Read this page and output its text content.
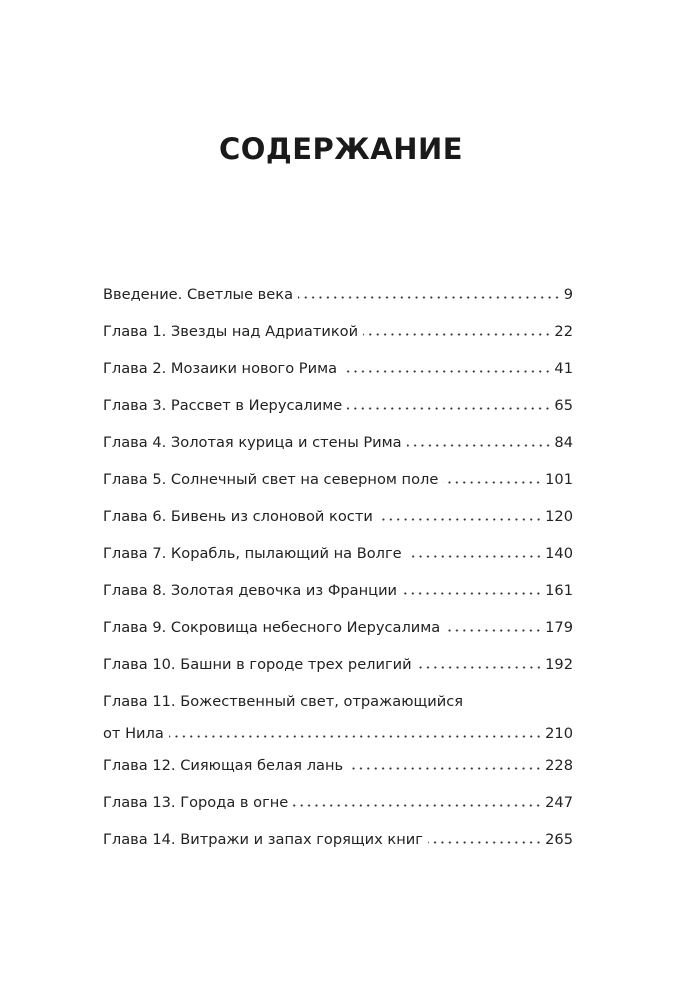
СОДЕРЖАНИЕ
Введение. Светлые века	9
Глава 1. Звезды над Адриатикой	22
Глава 2. Мозаики нового Рима	41
Глава 3. Рассвет в Иерусалиме	65
Глава 4. Золотая курица и стены Рима	84
Глава 5. Солнечный свет на северном поле	101
Глава 6. Бивень из слоновой кости	120
Глава 7. Корабль, пылающий на Волге	140
Глава 8. Золотая девочка из Франции	161
Глава 9. Сокровища небесного Иерусалима	179
Глава 10. Башни в городе трех религий	192
Глава 11. Божественный свет, отражающийся
от Нила	210
Глава 12. Сияющая белая лань	228
Глава 13. Города в огне	247
Глава 14. Витражи и запах горящих книг	265
